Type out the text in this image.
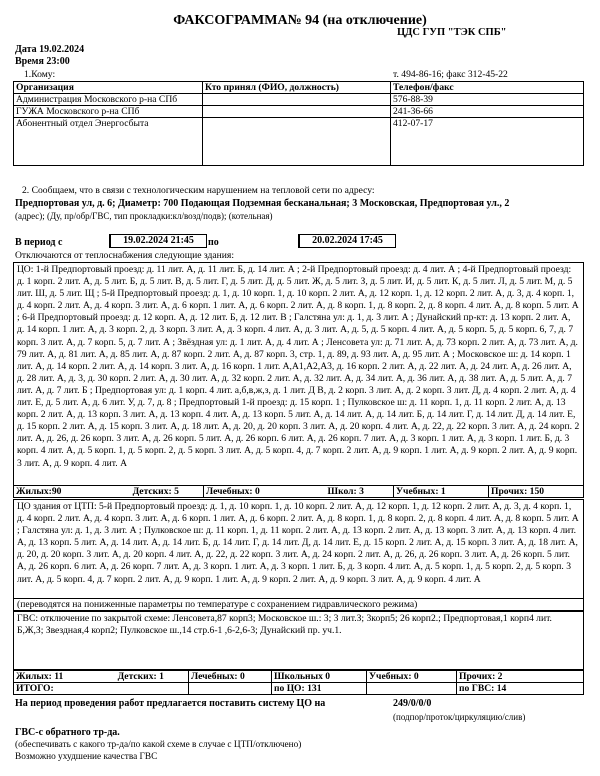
ФАКСОГРАММА№ 94 (на отключение)
ЦДС ГУП "ТЭК СПБ"
Дата 19.02.2024
Время 23:00
1.Кому:	т. 494-86-16; факс 312-45-22
Организация	Кто принял (ФИО, должность)	Телефон/факс
Администрация Московского р-на СПб		576-88-39
ГУЖА Московского р-на СПб		241-36-66
Абонентный отдел Энергосбыта		412-07-17
2. Сообщаем, что в связи с технологическим нарушением на тепловой сети по адресу:
Предпортовая ул, д. 6; Диаметр: 700 Подающая Подземная бесканальная; 3 Московская, Предпортовая ул., 2
(адрес); (Ду, пр/обр/ГВС, тип прокладки:кл/возд/подв); (котельная)
В период с	19.02.2024 21:45	по	20.02.2024 17:45
Отключаются от теплоснабжения следующие здания:
ЦО: 1-й Предпортовый проезд: д. 11 лит. А, д. 11 лит. Б, д. 14 лит. А ; 2-й Предпортовый проезд: д. 4 лит. А ; 4-й Предпортовый проезд: д. 1 корп. 2 лит. А, д. 5 лит. Б, д. 5 лит. В, д. 5 лит. Г, д. 5 лит. Д, д. 5 лит. Ж, д. 5 лит. З, д. 5 лит. И, д. 5 лит. К, д. 5 лит. Л, д. 5 лит. М, д. 5 лит. Ш, д. 5 лит. Щ ; 5-й Предпортовый проезд: д. 1, д. 10 корп. 1, д. 10 корп. 2 лит. А, д. 12 корп. 1, д. 12 корп. 2 лит. А, д. 3, д. 4 корп. 1, д. 4 корп. 2 лит. А, д. 4 корп. 3 лит. А, д. 6 корп. 1 лит. А, д. 6 корп. 2 лит. А, д. 8 корп. 1, д. 8 корп. 2, д. 8 корп. 4 лит. А, д. 8 корп. 5 лит. А ; 6-й Предпортовый проезд: д. 12 корп. А, д. 12 лит. Б, д. 12 лит. В ; Галстяна ул: д. 1, д. 3 лит. А ; Дунайский пр-кт: д. 13 корп. 2 лит. А, д. 14 корп. 1 лит. А, д. 3 корп. 2, д. 3 корп. 3 лит. А, д. 3 корп. 4 лит. А, д. 3 лит. А, д. 5, д. 5 корп. 4 лит. А, д. 5 корп. 5, д. 5 корп. 6, 7, д. 7 корп. 3 лит. А, д. 7 корп. 5, д. 7 лит. А ; Звёздная ул: д. 1 лит. А, д. 4 лит. А ; Ленсовета ул: д. 71 лит. А, д. 73 корп. 2 лит. А, д. 73 лит. А, д. 79 лит. А, д. 81 лит. А, д. 85 лит. А, д. 87 корп. 2 лит. А, д. 87 корп. 3, стр. 1, д. 89, д. 93 лит. А, д. 95 лит. А ; Московское ш: д. 14 корп. 1 лит. А, д. 14 корп. 2 лит. А, д. 14 корп. 3 лит. А, д. 16 корп. 1 лит. А,А1,А2,А3, д. 16 корп. 2 лит. А, д. 22 лит. А, д. 24 лит. А, д. 26 лит. А, д. 28 лит. А, д. 3, д. 30 корп. 2 лит. А, д. 30 лит. А, д. 32 корп. 2 лит. А, д. 32 лит. А, д. 34 лит. А, д. 36 лит. А, д. 38 лит. А, д. 5 лит. А, д. 7 лит. А, д. 7 лит. Б ; Предпортовая ул: д. 1 корп. 4 лит. а,б,в,ж,з, д. 1 лит. Д В, д. 2 корп. 3 лит. А, д. 2 корп. 3 лит. Д, д. 4 корп. 2 лит. А, д. 4 лит. Е, д. 5 лит. А, д. 6 лит. У, д. 7, д. 8 ; Предпортовый 1-й проезд: д. 15 корп. 1 ; Пулковское ш: д. 11 корп. 1, д. 11 корп. 2 лит. А, д. 13 корп. 2 лит. А, д. 13 корп. 3 лит. А, д. 13 корп. 4 лит. А, д. 13 корп. 5 лит. А, д. 14 лит. А, д. 14 лит. Б, д. 14 лит. Г, д. 14 лит. Д, д. 14 лит. Е, д. 15 корп. 2 лит. А, д. 15 корп. 3 лит. А, д. 18 лит. А, д. 20, д. 20 корп. 3 лит. А, д. 20 корп. 4 лит. А, д. 22, д. 22 корп. 3 лит. А, д. 24 корп. 2 лит. А, д. 26, д. 26 корп. 3 лит. А, д. 26 корп. 5 лит. А, д. 26 корп. 6 лит. А, д. 26 корп. 7 лит. А, д. 3 корп. 1 лит. А, д. 3 корп. 1 лит. Б, д. 3 корп. 4 лит. А, д. 5 корп. 1, д. 5 корп. 2, д. 5 корп. 3 лит. А, д. 5 корп. 4, д. 7 корп. 2 лит. А, д. 9 корп. 1 лит. А, д. 9 корп. 2 лит. А, д. 9 корп. 3 лит. А, д. 9 корп. 4 лит. А
Жилых:90	Детских: 5	Лечебных: 0	Школ: 3	Учебных: 1	Прочих: 150
ЦО здания от ЦТП: 5-й Предпортовый проезд: д. 1, д. 10 корп. 1, д. 10 корп. 2 лит. А, д. 12 корп. 1, д. 12 корп. 2 лит. А, д. 3, д. 4 корп. 1, д. 4 корп. 2 лит. А, д. 4 корп. 3 лит. А, д. 6 корп. 1 лит. А, д. 6 корп. 2 лит. А, д. 8 корп. 1, д. 8 корп. 2, д. 8 корп. 4 лит. А, д. 8 корп. 5 лит. А ; Галстяна ул: д. 1, д. 3 лит. А ; Пулковское ш: д. 11 корп. 1, д. 11 корп. 2 лит. А, д. 13 корп. 2 лит. А, д. 13 корп. 3 лит. А, д. 13 корп. 4 лит. А, д. 13 корп. 5 лит. А, д. 14 лит. А, д. 14 лит. Б, д. 14 лит. Г, д. 14 лит. Д, д. 14 лит. Е, д. 15 корп. 2 лит. А, д. 15 корп. 3 лит. А, д. 18 лит. А, д. 20, д. 20 корп. 3 лит. А, д. 20 корп. 4 лит. А, д. 22, д. 22 корп. 3 лит. А, д. 24 корп. 2 лит. А, д. 26, д. 26 корп. 3 лит. А, д. 26 корп. 5 лит. А, д. 26 корп. 6 лит. А, д. 26 корп. 7 лит. А, д. 3 корп. 1 лит. А, д. 3 корп. 1 лит. Б, д. 3 корп. 4 лит. А, д. 5 корп. 1, д. 5 корп. 2, д. 5 корп. 3 лит. А, д. 5 корп. 4, д. 7 корп. 2 лит. А, д. 9 корп. 1 лит. А, д. 9 корп. 2 лит. А, д. 9 корп. 3 лит. А, д. 9 корп. 4 лит. А
(переводятся на пониженные параметры по температуре с сохранением гидравлического режима)
ГВС: отключение по закрытой схеме: Ленсовета,87 корп3; Московское ш.: 3; 3 лит.З; 3корп5; 26 корп2.; Предпортовая,1 корп4 лит. Б,Ж,З; Звездная,4 корп2; Пулковское ш.,14 стр.6-1 ,6-2,6-3; Дунайский пр. уч.1.
Жилых: 11	Детских: 1	Лечебных: 0	Школьных 0	Учебных: 0	Прочих: 2
ИТОГО:			по ЦО: 131		по ГВС: 14
На период проведения работ предлагается поставить систему ЦО на	249/0/0/0
(подпор/проток/циркуляцию/слив)
ГВС-с обратного тр-да.
(обеспечивать с какого тр-да/по какой схеме в случае с ЦТП/отключено)
Возможно ухудшение качества ГВС
